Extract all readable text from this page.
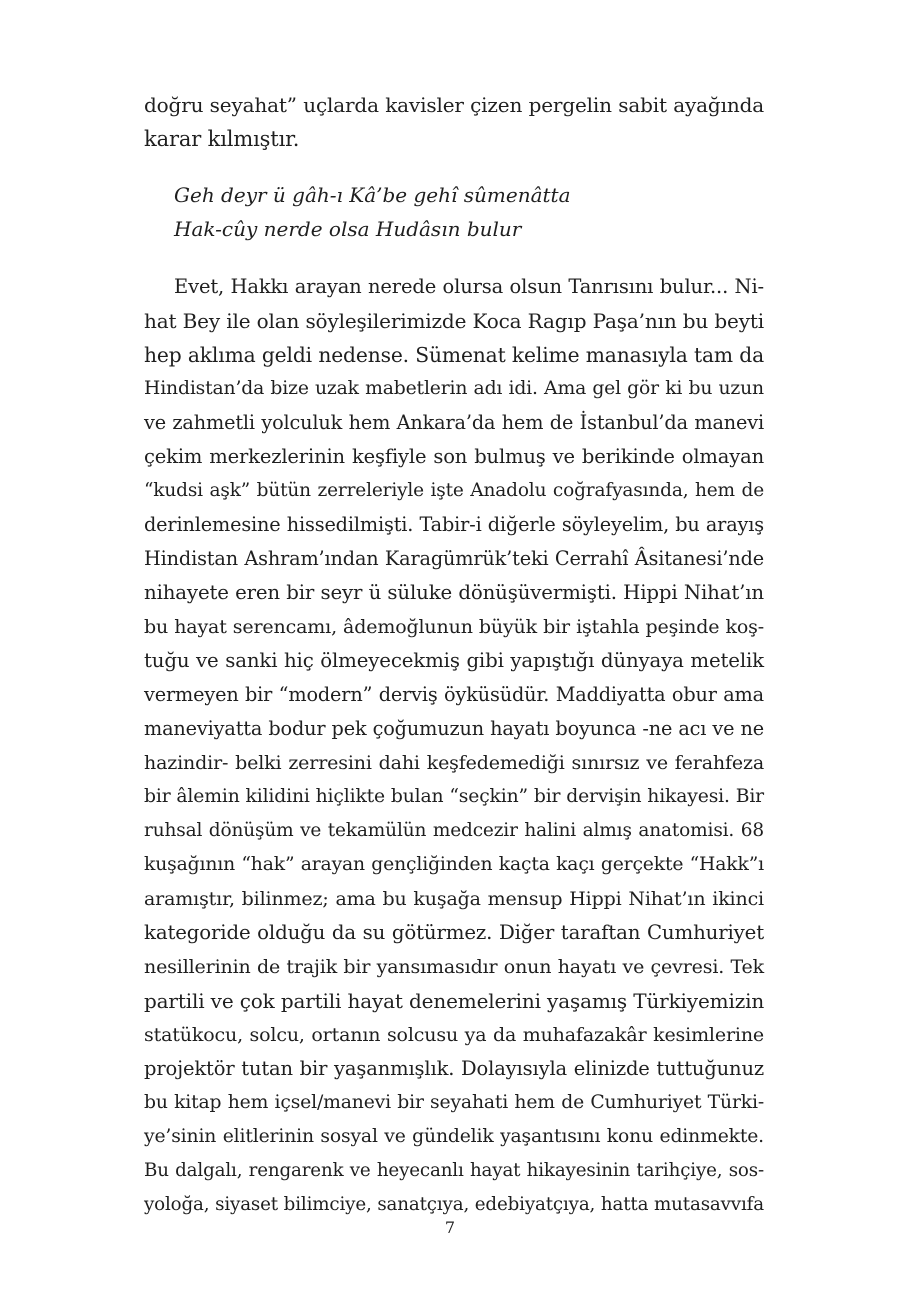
doğru seyahat” uçlarda kavisler çizen pergelin sabit ayağında
karar kılmıştır.
Geh deyr ü gâh-ı Kâ’be gehî sûmenâtta
Hak-cûy nerde olsa Hudâsın bulur
Evet, Hakkı arayan nerede olursa olsun Tanrısını bulur... Ni-
hat Bey ile olan söyleşilerimizde Koca Ragıp Paşa’nın bu beyti
hep aklıma geldi nedense. Sümenat kelime manasıyla tam da
Hindistan’da bize uzak mabetlerin adı idi. Ama gel gör ki bu uzun
ve zahmetli yolculuk hem Ankara’da hem de İstanbul’da manevi
çekim merkezlerinin keşfiyle son bulmuş ve berikinde olmayan
“kudsi aşk” bütün zerreleriyle işte Anadolu coğrafyasında, hem de
derinlemesine hissedilmişti. Tabir-i diğerle söyleyelim, bu arayış
Hindistan Ashram’ından Karagümrük’teki Cerrahî Âsitanesi’nde
nihayete eren bir seyr ü süluke dönüşüvermişti. Hippi Nihat’ın
bu hayat serencamı, âdemoğlunun büyük bir iştahla peşinde koş-
tuğu ve sanki hiç ölmeyecekmiş gibi yapıştığı dünyaya metelik
vermeyen bir “modern” derviş öyküsüdür. Maddiyatta obur ama
maneviyatta bodur pek çoğumuzun hayatı boyunca -ne acı ve ne
hazindir- belki zerresini dahi keşfedemediği sınırsız ve ferahfeza
bir âlemin kilidini hiçlikte bulan “seçkin” bir dervişin hikayesi. Bir
ruhsal dönüşüm ve tekamülün medcezir halini almış anatomisi. 68
kuşağının “hak” arayan gençliğinden kaçta kaçı gerçekte “Hakk”ı
aramıştır, bilinmez; ama bu kuşağa mensup Hippi Nihat’ın ikinci
kategoride olduğu da su götürmez. Diğer taraftan Cumhuriyet
nesillerinin de trajik bir yansımasıdır onun hayatı ve çevresi. Tek
partili ve çok partili hayat denemelerini yaşamış Türkiyemizin
statükocu, solcu, ortanın solcusu ya da muhafazakâr kesimlerine
projektör tutan bir yaşanmışlık. Dolayısıyla elinizde tuttuğunuz
bu kitap hem içsel/manevi bir seyahati hem de Cumhuriyet Türki-
ye’sinin elitlerinin sosyal ve gündelik yaşantısını konu edinmekte.
Bu dalgalı, rengarenk ve heyecanlı hayat hikayesinin tarihçiye, sos-
yoloğa, siyaset bilimciye, sanatçıya, edebiyatçıya, hatta mutasavvıfa
7
